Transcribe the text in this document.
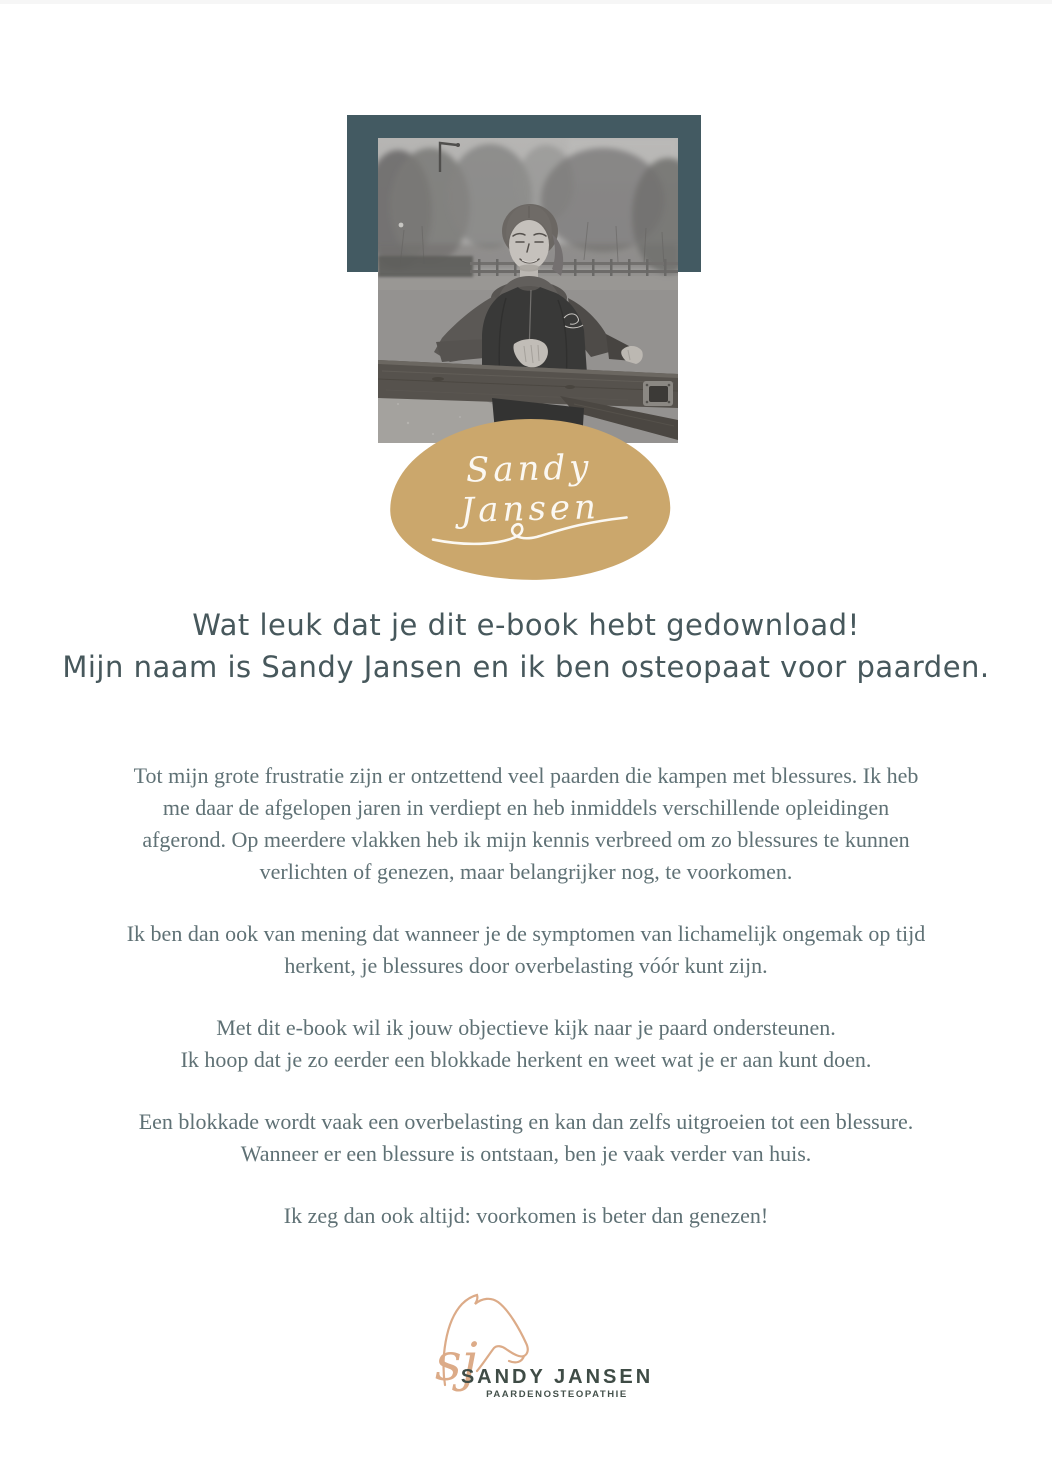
Sandy Jansen
Wat leuk dat je dit e-book hebt gedownload!
Mijn naam is Sandy Jansen en ik ben osteopaat voor paarden.

Tot mijn grote frustratie zijn er ontzettend veel paarden die kampen met blessures. Ik heb
me daar de afgelopen jaren in verdiept en heb inmiddels verschillende opleidingen
afgerond. Op meerdere vlakken heb ik mijn kennis verbreed om zo blessures te kunnen
verlichten of genezen, maar belangrijker nog, te voorkomen.

Ik ben dan ook van mening dat wanneer je de symptomen van lichamelijk ongemak op tijd
herkent, je blessures door overbelasting vóór kunt zijn.

Met dit e-book wil ik jouw objectieve kijk naar je paard ondersteunen.
Ik hoop dat je zo eerder een blokkade herkent en weet wat je er aan kunt doen.

Een blokkade wordt vaak een overbelasting en kan dan zelfs uitgroeien tot een blessure.
Wanneer er een blessure is ontstaan, ben je vaak verder van huis.

Ik zeg dan ook altijd: voorkomen is beter dan genezen!

sj
SANDY JANSEN
PAARDENOSTEOPATHIE
